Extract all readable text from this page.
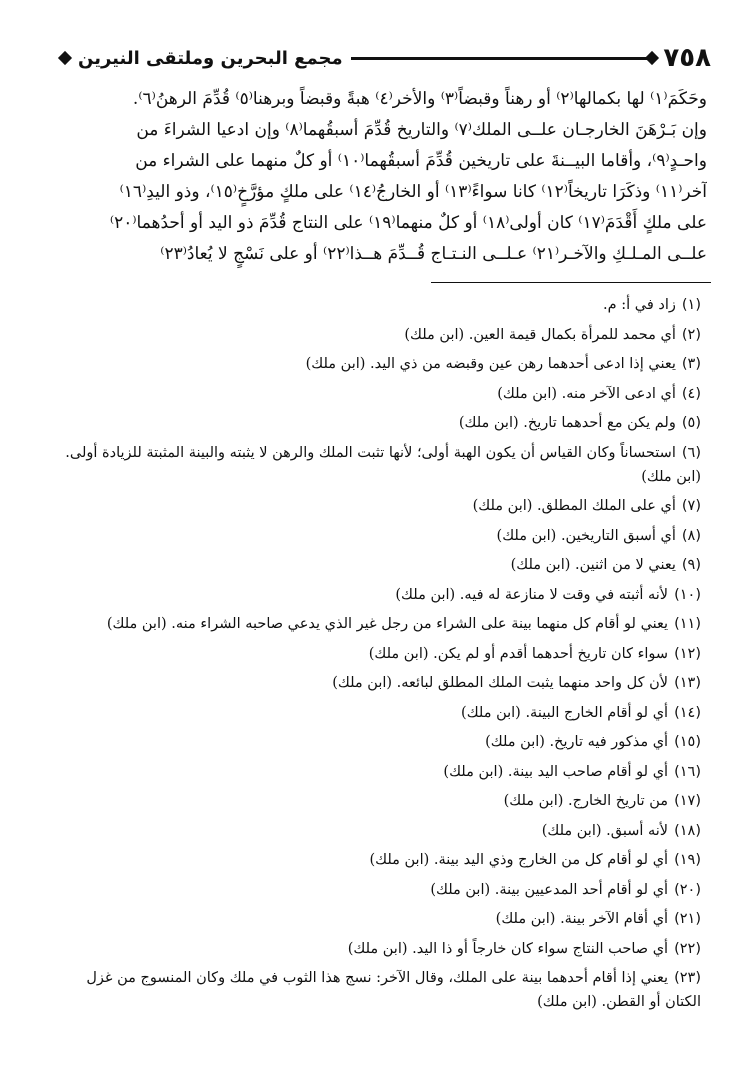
٧٥٨
مجمع البحرين وملتقى النيرين

وحَكَمَ⁽١⁾ لها بكمالها⁽٢⁾ أو رهناً وقبضاً⁽٣⁾ والأخر⁽٤⁾ هبةً وقبضاً وبرهنا⁽٥⁾ قُدِّمَ الرهنُ⁽٦⁾.
وإن بَـرْهَنَ الخارجـان علــى الملك⁽٧⁾ والتاريخ قُدِّمَ أسبقُهما⁽٨⁾ وإن ادعيا الشراءَ من
واحـدٍ⁽٩⁾، وأقاما البيــنةَ على تاريخين قُدِّمَ أسبقُهما⁽١٠⁾ أو كلٌ منهما على الشراء من
آخر⁽١١⁾ وذكَرَا تاريخاً⁽١٢⁾ كانا سواءً⁽١٣⁾ أو الخارجُ⁽١٤⁾ على ملكٍ مؤرَّخٍ⁽١٥⁾، وذو اليدِ⁽١٦⁾
على ملكٍ أَقْدَمَ⁽١٧⁾ كان أولى⁽١٨⁾ أو كلٌ منهما⁽١٩⁾ على النتاج قُدِّمَ ذو اليد أو أحدُهما⁽٢٠⁾
علــى المـلـكِ والآخـر⁽٢١⁾ عـلــى النـتـاج قُــدِّمَ هــذا⁽٢٢⁾ أو على نَسْجٍ لا يُعادُ⁽٢٣⁾

(١)زاد في أ: م.
(٢)أي محمد للمرأة بكمال قيمة العين. (ابن ملك)
(٣)يعني إذا ادعى أحدهما رهن عين وقبضه من ذي اليد. (ابن ملك)
(٤)أي ادعى الآخر منه. (ابن ملك)
(٥)ولم يكن مع أحدهما تاريخ. (ابن ملك)
(٦)استحساناً وكان القياس أن يكون الهبة أولى؛ لأنها تثبت الملك والرهن لا يثبته والبينة المثبتة للزيادة أولى. (ابن ملك)
(٧)أي على الملك المطلق. (ابن ملك)
(٨)أي أسبق التاريخين. (ابن ملك)
(٩)يعني لا من اثنين. (ابن ملك)
(١٠)لأنه أثبته في وقت لا منازعة له فيه. (ابن ملك)
(١١)يعني لو أقام كل منهما بينة على الشراء من رجل غير الذي يدعي صاحبه الشراء منه. (ابن ملك)
(١٢)سواء كان تاريخ أحدهما أقدم أو لم يكن. (ابن ملك)
(١٣)لأن كل واحد منهما يثبت الملك المطلق لبائعه. (ابن ملك)
(١٤)أي لو أقام الخارج البينة. (ابن ملك)
(١٥)أي مذكور فيه تاريخ. (ابن ملك)
(١٦)أي لو أقام صاحب اليد بينة. (ابن ملك)
(١٧)من تاريخ الخارج. (ابن ملك)
(١٨)لأنه أسبق. (ابن ملك)
(١٩)أي لو أقام كل من الخارج وذي اليد بينة. (ابن ملك)
(٢٠)أي لو أقام أحد المدعيين بينة. (ابن ملك)
(٢١)أي أقام الآخر بينة. (ابن ملك)
(٢٢)أي صاحب النتاج سواء كان خارجاً أو ذا اليد. (ابن ملك)
(٢٣)يعني إذا أقام أحدهما بينة على الملك، وقال الآخر: نسج هذا الثوب في ملك وكان المنسوج من غزل الكتان أو القطن. (ابن ملك)
